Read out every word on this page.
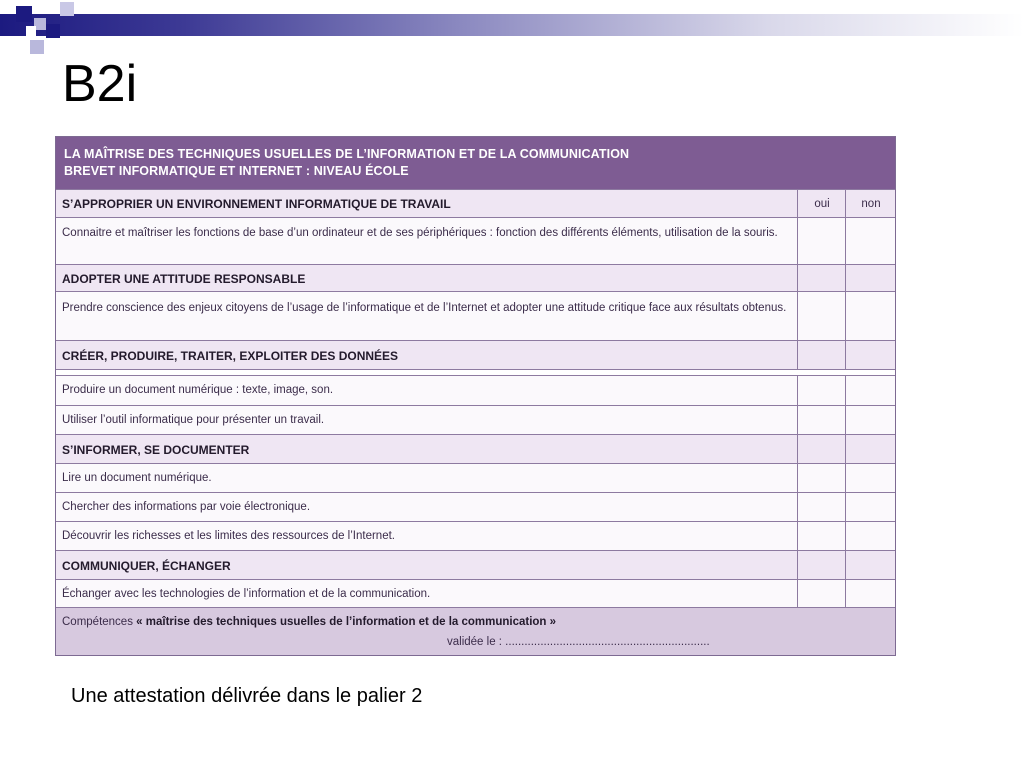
B2i
LA MAÎTRISE DES TECHNIQUES USUELLES DE L’INFORMATION ET DE LA COMMUNICATION
BREVET INFORMATIQUE ET INTERNET : NIVEAU ÉCOLE
S’APPROPRIER UN ENVIRONNEMENT INFORMATIQUE DE TRAVAIL	oui	non
Connaitre et maîtriser les fonctions de base d’un ordinateur et de ses périphériques : fonction des différents éléments, utilisation de la souris.
ADOPTER UNE ATTITUDE RESPONSABLE
Prendre conscience des enjeux citoyens de l’usage de l’informatique et de l’Internet et adopter une attitude critique face aux résultats obtenus.
CRÉER, PRODUIRE, TRAITER, EXPLOITER DES DONNÉES
Produire un document numérique : texte, image, son.
Utiliser l’outil informatique pour présenter un travail.
S’INFORMER, SE DOCUMENTER
Lire un document numérique.
Chercher des informations par voie électronique.
Découvrir les richesses et les limites des ressources de l’Internet.
COMMUNIQUER, ÉCHANGER
Échanger avec les technologies de l’information et de la communication.
Compétences « maîtrise des techniques usuelles de l’information et de la communication »
validée le : ................................................................
Une attestation délivrée dans le palier 2
